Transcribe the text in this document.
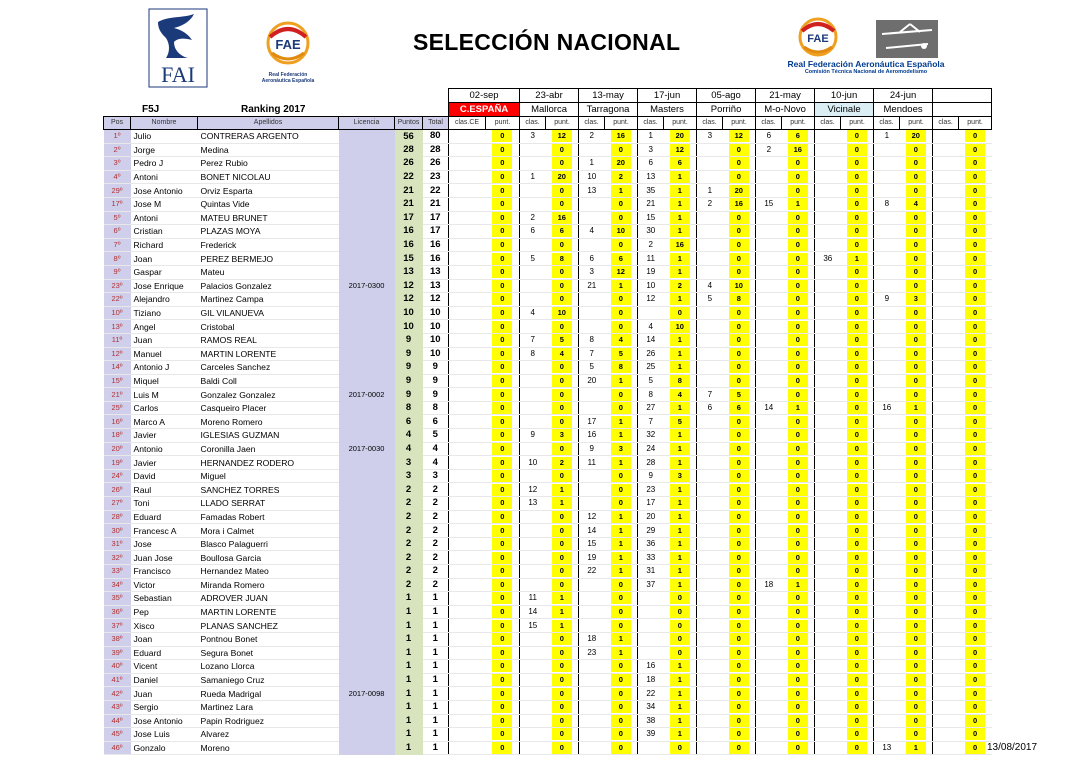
FAI
FAE
Real Federación
Aeronáutica Española
FAE
SELECCIÓN NACIONAL
Real Federación Aeronáutica Española
Comisión Técnica Nacional de Aeromodelismo
F5J	Ranking 2017
13/08/2017
						02-sep		23-abr		13-may		17-jun		05-ago		21-may		10-jun		24-jun			
						C.ESPAÑA		Mallorca		Tarragona		Masters		Porriño		M-o-Novo		Vicinale		Mendoes			
Pos	Nombre	Apellidos	Licencia	Puntos	Total	clas.CE	punt.	clas.	punt.	clas.	punt.	clas.	punt.	clas.	punt.	clas.	punt.	clas.	punt.	clas.	punt.	clas.	punt.
1º	Julio	CONTRERAS ARGENTO		56	80		0	3	12	2	16	1	20	3	12	6	6		0	1	20		0
2º	Jorge	Medina		28	28		0		0		0	3	12		0	2	16		0		0		0
3º	Pedro J	Perez Rubio		26	26		0		0	1	20	6	6		0		0		0		0		0
4º	Antoni	BONET NICOLAU		22	23		0	1	20	10	2	13	1		0		0		0		0		0
29º	Jose Antonio	Orviz Esparta		21	22		0		0	13	1	35	1	1	20		0		0		0		0
17º	Jose M	Quintas Vide		21	21		0		0		0	21	1	2	16	15	1		0	8	4		0
5º	Antoni	MATEU BRUNET		17	17		0	2	16		0	15	1		0		0		0		0		0
6º	Cristian	PLAZAS MOYA		16	17		0	6	6	4	10	30	1		0		0		0		0		0
7º	Richard	Frederick		16	16		0		0		0	2	16		0		0		0		0		0
8º	Joan	PEREZ BERMEJO		15	16		0	5	8	6	6	11	1		0		0	36	1		0		0
9º	Gaspar	Mateu		13	13		0		0	3	12	19	1		0		0		0		0		0
23º	Jose Enrique	Palacios Gonzalez	2017-0300	12	13		0		0	21	1	10	2	4	10		0		0		0		0
22º	Alejandro	Martinez Campa		12	12		0		0		0	12	1	5	8		0		0	9	3		0
10º	Tiziano	GIL VILANUEVA		10	10		0	4	10		0		0		0		0		0		0		0
13º	Angel	Cristobal		10	10		0		0		0	4	10		0		0		0		0		0
11º	Juan	RAMOS REAL		9	10		0	7	5	8	4	14	1		0		0		0		0		0
12º	Manuel	MARTIN LORENTE		9	10		0	8	4	7	5	26	1		0		0		0		0		0
14º	Antonio J	Carceles Sanchez		9	9		0		0	5	8	25	1		0		0		0		0		0
15º	Miquel	Baldi Coll		9	9		0		0	20	1	5	8		0		0		0		0		0
21º	Luis M	Gonzalez Gonzalez	2017-0002	9	9		0		0		0	8	4	7	5		0		0		0		0
25º	Carlos	Casqueiro Placer		8	8		0		0		0	27	1	6	6	14	1		0	16	1		0
16º	Marco A	Moreno Romero		6	6		0		0	17	1	7	5		0		0		0		0		0
18º	Javier	IGLESIAS GUZMAN		4	5		0	9	3	16	1	32	1		0		0		0		0		0
20º	Antonio	Coronilla Jaen	2017-0030	4	4		0		0	9	3	24	1		0		0		0		0		0
19º	Javier	HERNANDEZ RODERO		3	4		0	10	2	11	1	28	1		0		0		0		0		0
24º	David	Miguel		3	3		0		0		0	9	3		0		0		0		0		0
26º	Raul	SANCHEZ TORRES		2	2		0	12	1		0	23	1		0		0		0		0		0
27º	Toni	LLADO SERRAT		2	2		0	13	1		0	17	1		0		0		0		0		0
28º	Eduard	Famadas Robert		2	2		0		0	12	1	20	1		0		0		0		0		0
30º	Francesc A	Mora i Calmet		2	2		0		0	14	1	29	1		0		0		0		0		0
31º	Jose	Blasco Palaguerri		2	2		0		0	15	1	36	1		0		0		0		0		0
32º	Juan Jose	Boullosa Garcia		2	2		0		0	19	1	33	1		0		0		0		0		0
33º	Francisco	Hernandez Mateo		2	2		0		0	22	1	31	1		0		0		0		0		0
34º	Victor	Miranda Romero		2	2		0		0		0	37	1		0	18	1		0		0		0
35º	Sebastian	ADROVER JUAN		1	1		0	11	1		0		0		0		0		0		0		0
36º	Pep	MARTIN LORENTE		1	1		0	14	1		0		0		0		0		0		0		0
37º	Xisco	PLANAS SANCHEZ		1	1		0	15	1		0		0		0		0		0		0		0
38º	Joan	Pontnou Bonet		1	1		0		0	18	1		0		0		0		0		0		0
39º	Eduard	Segura Bonet		1	1		0		0	23	1		0		0		0		0		0		0
40º	Vicent	Lozano Llorca		1	1		0		0		0	16	1		0		0		0		0		0
41º	Daniel	Samaniego Cruz		1	1		0		0		0	18	1		0		0		0		0		0
42º	Juan	Rueda Madrigal	2017-0098	1	1		0		0		0	22	1		0		0		0		0		0
43º	Sergio	Martinez Lara		1	1		0		0		0	34	1		0		0		0		0		0
44º	Jose Antonio	Papin Rodriguez		1	1		0		0		0	38	1		0		0		0		0		0
45º	Jose Luis	Alvarez		1	1		0		0		0	39	1		0		0		0		0		0
46º	Gonzalo	Moreno		1	1		0		0		0		0		0		0		0	13	1		0
